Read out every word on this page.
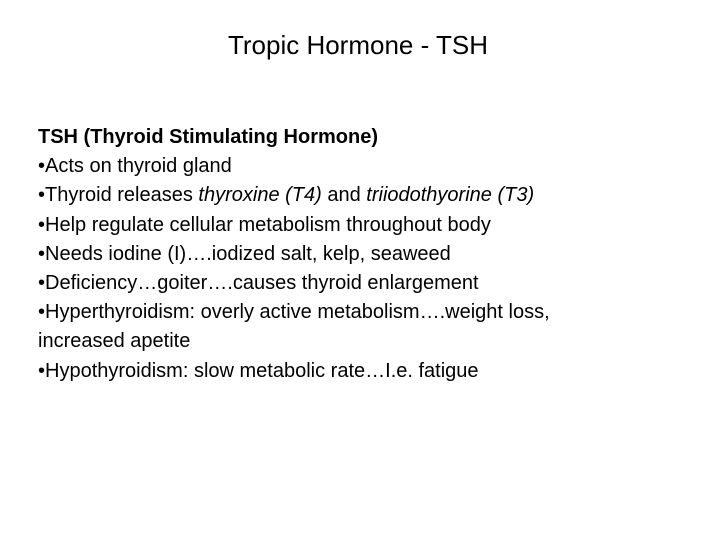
Tropic Hormone - TSH
TSH (Thyroid Stimulating Hormone)
•Acts on thyroid gland
•Thyroid releases thyroxine (T4) and triiodothyorine (T3)
•Help regulate cellular metabolism throughout body
•Needs iodine (I)….iodized salt, kelp, seaweed
•Deficiency…goiter….causes thyroid enlargement
•Hyperthyroidism: overly active metabolism….weight loss,
increased apetite
•Hypothyroidism: slow metabolic rate…I.e. fatigue
